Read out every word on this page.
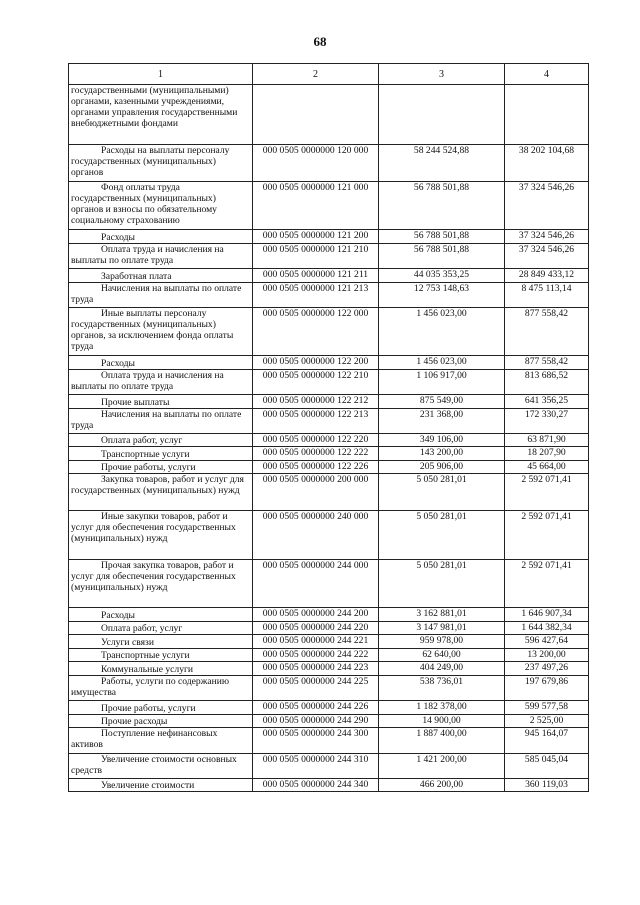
68
1	2	3	4
государственными (муниципальными) органами, казенными учреждениями, органами управления государственными внебюджетными фондами			
Расходы на выплаты персоналу государственных (муниципальных) органов	000 0505 0000000 120 000	58 244 524,88	38 202 104,68
Фонд оплаты труда государственных (муниципальных) органов и взносы по обязательному социальному страхованию	000 0505 0000000 121 000	56 788 501,88	37 324 546,26
Расходы	000 0505 0000000 121 200	56 788 501,88	37 324 546,26
Оплата труда и начисления на выплаты по оплате труда	000 0505 0000000 121 210	56 788 501,88	37 324 546,26
Заработная плата	000 0505 0000000 121 211	44 035 353,25	28 849 433,12
Начисления на выплаты по оплате труда	000 0505 0000000 121 213	12 753 148,63	8 475 113,14
Иные выплаты персоналу государственных (муниципальных) органов, за исключением фонда оплаты труда	000 0505 0000000 122 000	1 456 023,00	877 558,42
Расходы	000 0505 0000000 122 200	1 456 023,00	877 558,42
Оплата труда и начисления на выплаты по оплате труда	000 0505 0000000 122 210	1 106 917,00	813 686,52
Прочие выплаты	000 0505 0000000 122 212	875 549,00	641 356,25
Начисления на выплаты по оплате труда	000 0505 0000000 122 213	231 368,00	172 330,27
Оплата работ, услуг	000 0505 0000000 122 220	349 106,00	63 871,90
Транспортные услуги	000 0505 0000000 122 222	143 200,00	18 207,90
Прочие работы, услуги	000 0505 0000000 122 226	205 906,00	45 664,00
Закупка товаров, работ и услуг для государственных (муниципальных) нужд	000 0505 0000000 200 000	5 050 281,01	2 592 071,41
Иные закупки товаров, работ и услуг для обеспечения государственных (муниципальных) нужд	000 0505 0000000 240 000	5 050 281,01	2 592 071,41
Прочая закупка товаров, работ и услуг для обеспечения государственных (муниципальных) нужд	000 0505 0000000 244 000	5 050 281,01	2 592 071,41
Расходы	000 0505 0000000 244 200	3 162 881,01	1 646 907,34
Оплата работ, услуг	000 0505 0000000 244 220	3 147 981,01	1 644 382,34
Услуги связи	000 0505 0000000 244 221	959 978,00	596 427,64
Транспортные услуги	000 0505 0000000 244 222	62 640,00	13 200,00
Коммунальные услуги	000 0505 0000000 244 223	404 249,00	237 497,26
Работы, услуги по содержанию имущества	000 0505 0000000 244 225	538 736,01	197 679,86
Прочие работы, услуги	000 0505 0000000 244 226	1 182 378,00	599 577,58
Прочие расходы	000 0505 0000000 244 290	14 900,00	2 525,00
Поступление нефинансовых активов	000 0505 0000000 244 300	1 887 400,00	945 164,07
Увеличение стоимости основных средств	000 0505 0000000 244 310	1 421 200,00	585 045,04
Увеличение стоимости	000 0505 0000000 244 340	466 200,00	360 119,03
